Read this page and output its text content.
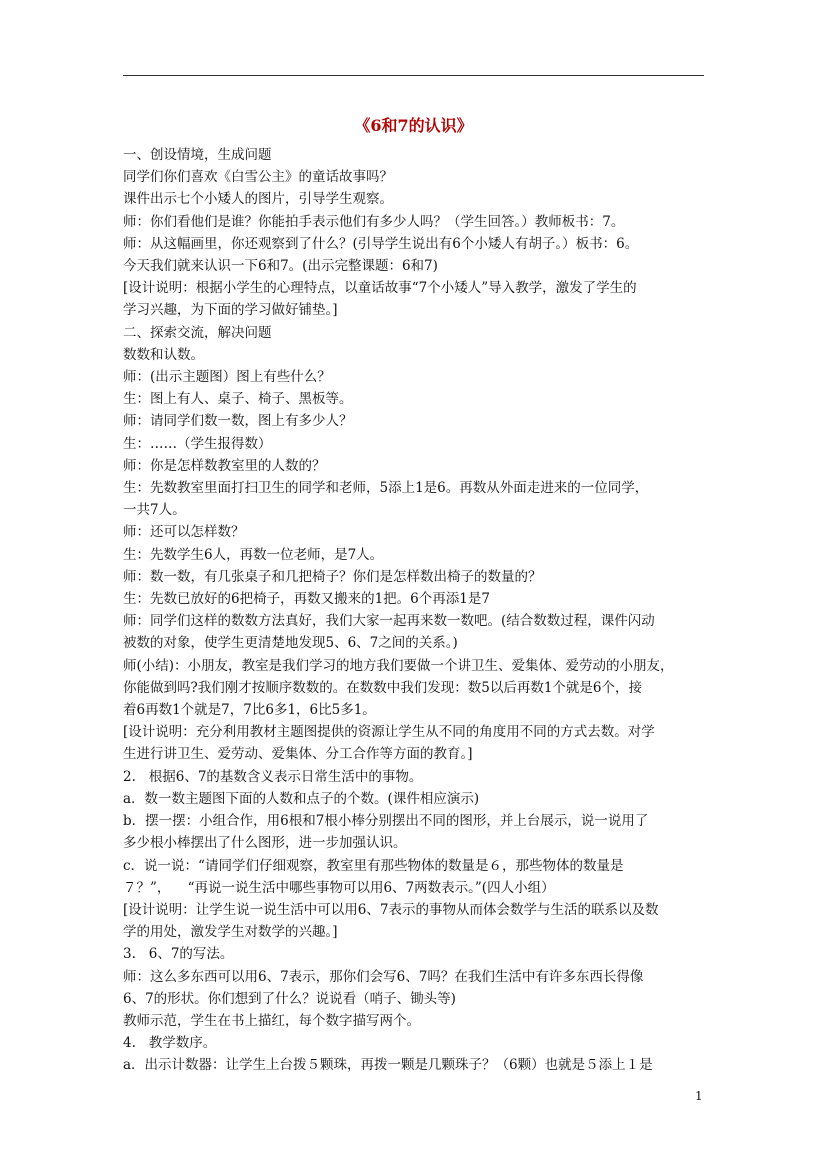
《6和7的认识》
一、创设情境，生成问题
同学们你们喜欢《白雪公主》的童话故事吗？
课件出示七个小矮人的图片，引导学生观察。
师：你们看他们是谁？你能拍手表示他们有多少人吗？（学生回答。）教师板书：7。
师：从这幅画里，你还观察到了什么？(引导学生说出有6个小矮人有胡子。）板书：6。
今天我们就来认识一下6和7。(出示完整课题：6和7)
[设计说明：根据小学生的心理特点，以童话故事“7个小矮人”导入教学，激发了学生的
学习兴趣，为下面的学习做好铺垫。]
二、探索交流，解决问题
数数和认数。
师：(出示主题图）图上有些什么？
生：图上有人、桌子、椅子、黑板等。
师：请同学们数一数，图上有多少人？
生：……（学生报得数）
师：你是怎样数教室里的人数的？
生：先数教室里面打扫卫生的同学和老师，5添上1是6。再数从外面走进来的一位同学，
一共7人。
师：还可以怎样数？
生：先数学生6人，再数一位老师，是7人。
师：数一数，有几张桌子和几把椅子？你们是怎样数出椅子的数量的？
生：先数已放好的6把椅子，再数又搬来的1把。6个再添1是7
师：同学们这样的数数方法真好，我们大家一起再来数一数吧。(结合数数过程，课件闪动
被数的对象，使学生更清楚地发现5、6、7之间的关系。)
师(小结)：小朋友，教室是我们学习的地方我们要做一个讲卫生、爱集体、爱劳动的小朋友，
你能做到吗?我们刚才按顺序数数的。在数数中我们发现：数5以后再数1个就是6个，接
着6再数1个就是7，7比6多1，6比5多1。
[设计说明：充分利用教材主题图提供的资源让学生从不同的角度用不同的方式去数。对学
生进行讲卫生、爱劳动、爱集体、分工合作等方面的教育。]
2.   根据6、7的基数含义表示日常生活中的事物。
a．数一数主题图下面的人数和点子的个数。(课件相应演示)
b．摆一摆：小组合作，用6根和7根小棒分别摆出不同的图形，并上台展示，说一说用了
多少根小棒摆出了什么图形，进一步加强认识。
c．说一说：“请同学们仔细观察，教室里有那些物体的数量是６，那些物体的数量是
７？”，    “再说一说生活中哪些事物可以用6、7两数表示。”(四人小组）
[设计说明：让学生说一说生活中可以用6、7表示的事物从而体会数学与生活的联系以及数
学的用处，激发学生对数学的兴趣。]
3.   6、7的写法。
师：这么多东西可以用6、7表示，那你们会写6、7吗？在我们生活中有许多东西长得像
6、7的形状。你们想到了什么？说说看（哨子、锄头等)
教师示范，学生在书上描红，每个数字描写两个。
4.   教学数序。
a．出示计数器：让学生上台拨５颗珠，再拨一颗是几颗珠子？（6颗）也就是５添上１是
1
